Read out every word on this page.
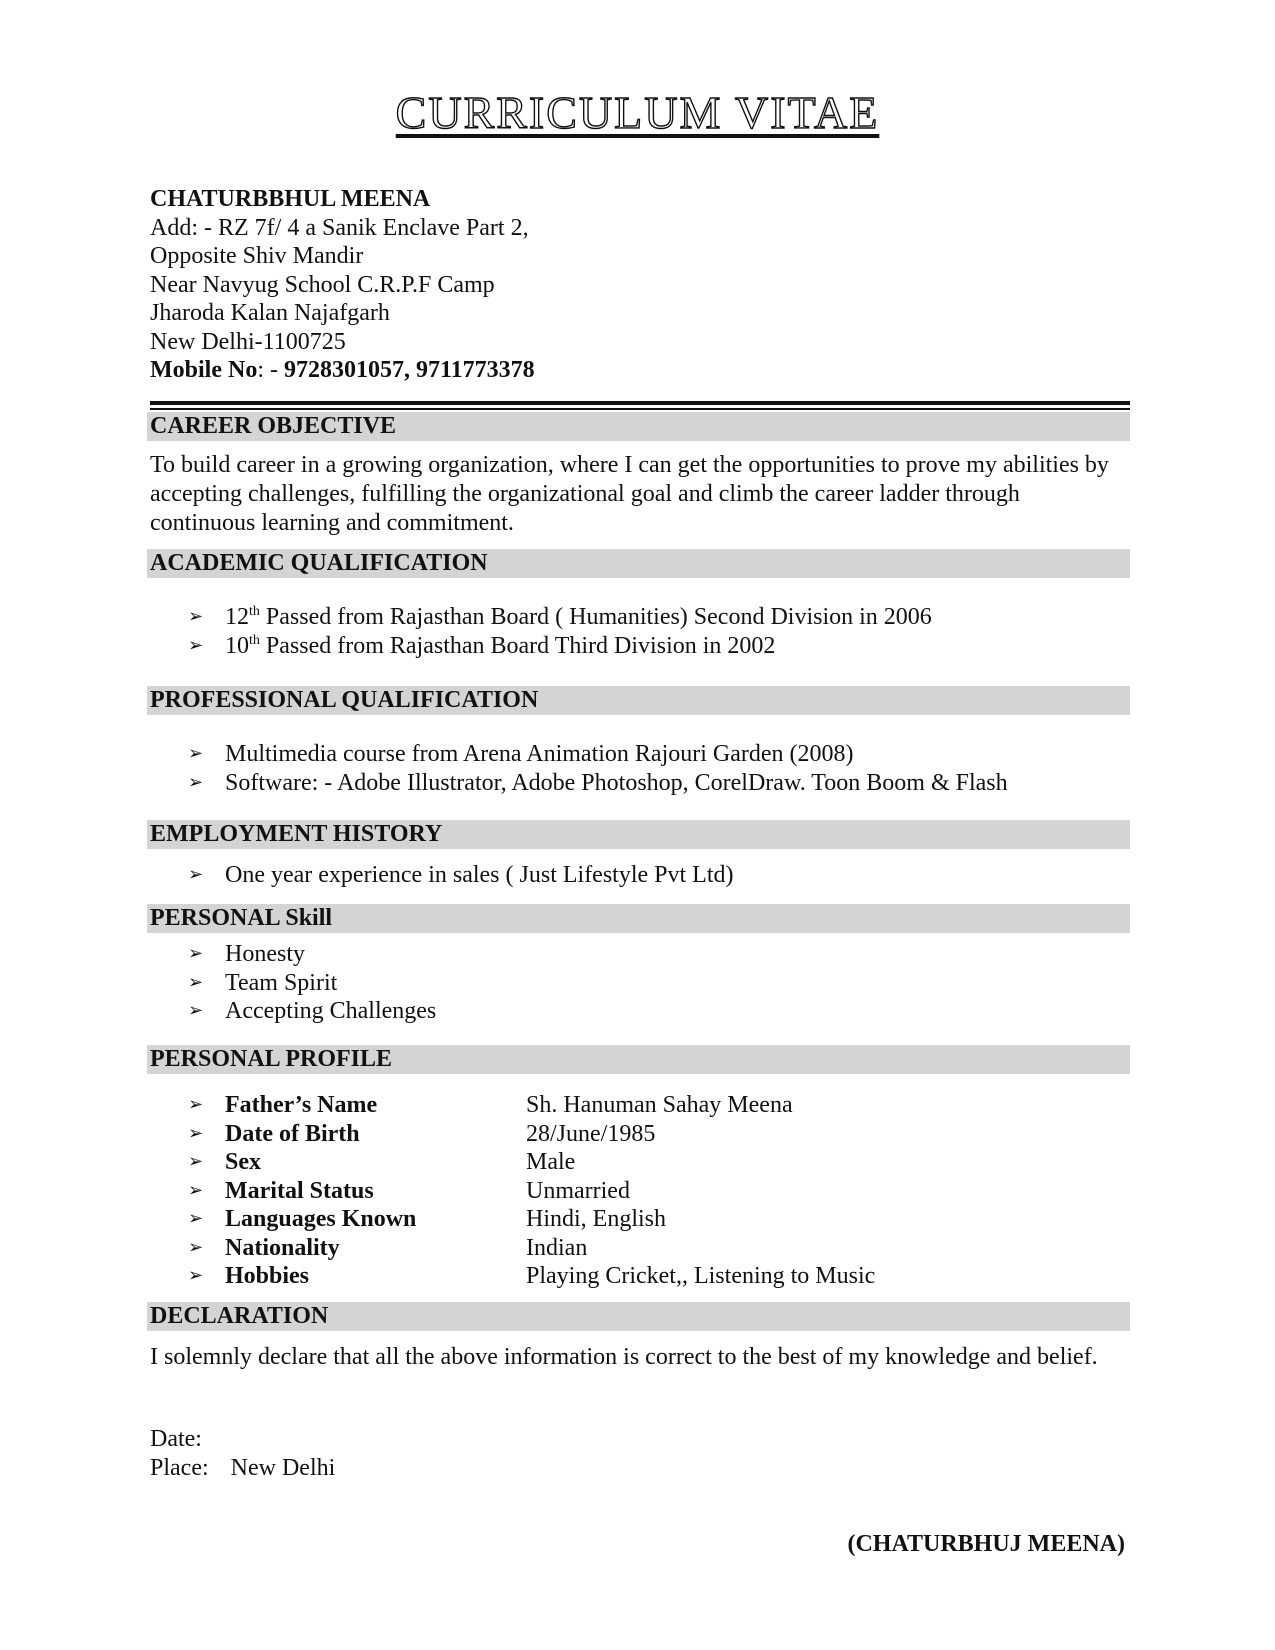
CURRICULUM VITAE
CHATURBBHUL MEENA
Add: - RZ 7f/ 4 a Sanik Enclave Part 2,
Opposite Shiv Mandir
Near Navyug School C.R.P.F Camp
Jharoda Kalan Najafgarh
New Delhi-1100725
Mobile No: - 9728301057, 9711773378
CAREER OBJECTIVE
To build career in a growing organization, where I can get the opportunities to prove my abilities by accepting challenges, fulfilling the organizational goal and climb the career ladder through continuous learning and commitment.
ACADEMIC QUALIFICATION
➢ 12th Passed from Rajasthan Board ( Humanities) Second Division in 2006
➢ 10th Passed from Rajasthan Board Third Division in 2002
PROFESSIONAL QUALIFICATION
➢ Multimedia course from Arena Animation Rajouri Garden (2008)
➢ Software: - Adobe Illustrator, Adobe Photoshop, CorelDraw. Toon Boom & Flash
EMPLOYMENT HISTORY
➢ One year experience in sales ( Just Lifestyle Pvt Ltd)
PERSONAL Skill
➢ Honesty
➢ Team Spirit
➢ Accepting Challenges
PERSONAL PROFILE
➢ Father’s Name	Sh. Hanuman Sahay Meena
➢ Date of Birth	28/June/1985
➢ Sex	Male
➢ Marital Status	Unmarried
➢ Languages Known	Hindi, English
➢ Nationality	Indian
➢ Hobbies	Playing Cricket,, Listening to Music
DECLARATION
I solemnly declare that all the above information is correct to the best of my knowledge and belief.
Date:
Place: New Delhi
(CHATURBHUJ MEENA)
